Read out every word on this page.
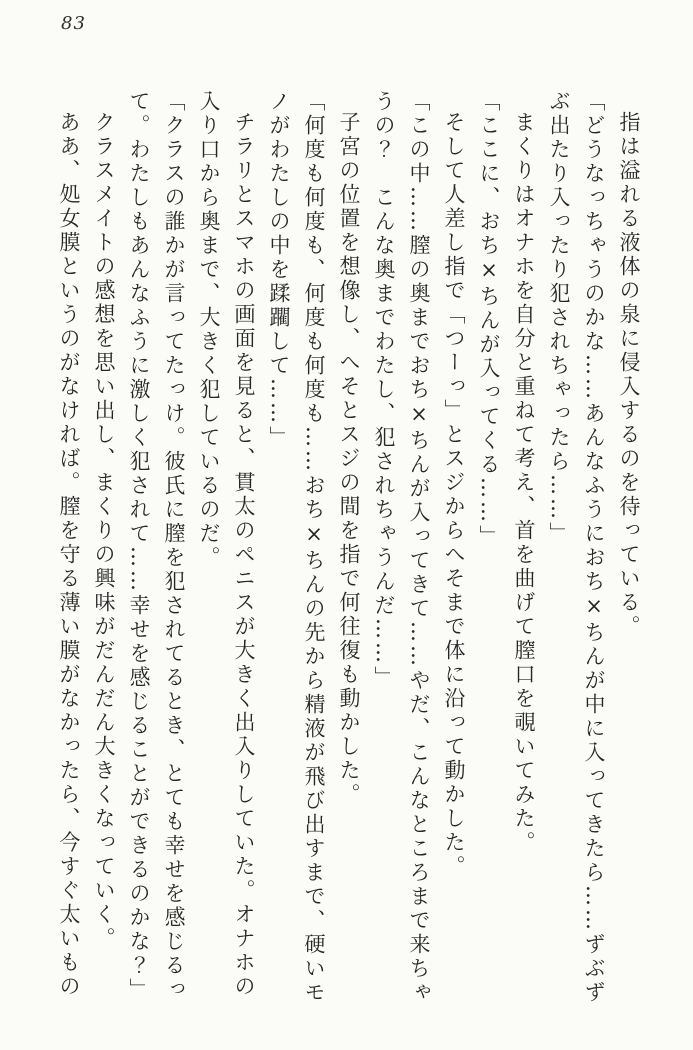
83

指は溢れる液体の泉に侵入するのを待っている。

「どうなっちゃうのかな……あんなふうにおち×ちんが中に入ってきたら……ずぶずぶ出たり入ったり犯されちゃったら……」

まくりはオナホを自分と重ねて考え、首を曲げて膣口を覗いてみた。

「ここに、おち×ちんが入ってくる……」

そして人差し指で「つーっ」とスジからへそまで体に沿って動かした。

「この中……膣の奥までおち×ちんが入ってきて……やだ、こんなところまで来ちゃうの？　こんな奥までわたし、犯されちゃうんだ……」

子宮の位置を想像し、へそとスジの間を指で何往復も動かした。

「何度も何度も、何度も何度も……おち×ちんの先から精液が飛び出すまで、硬いモノがわたしの中を蹂躙して……」

チラリとスマホの画面を見ると、貫太のペニスが大きく出入りしていた。オナホの入り口から奥まで、大きく犯しているのだ。

「クラスの誰かが言ってたっけ。彼氏に膣を犯されてるとき、とても幸せを感じるって。わたしもあんなふうに激しく犯されて……幸せを感じることができるのかな？」

クラスメイトの感想を思い出し、まくりの興味がだんだん大きくなっていく。

ああ、処女膜というのがなければ。膣を守る薄い膜がなかったら、今すぐ太いもの
